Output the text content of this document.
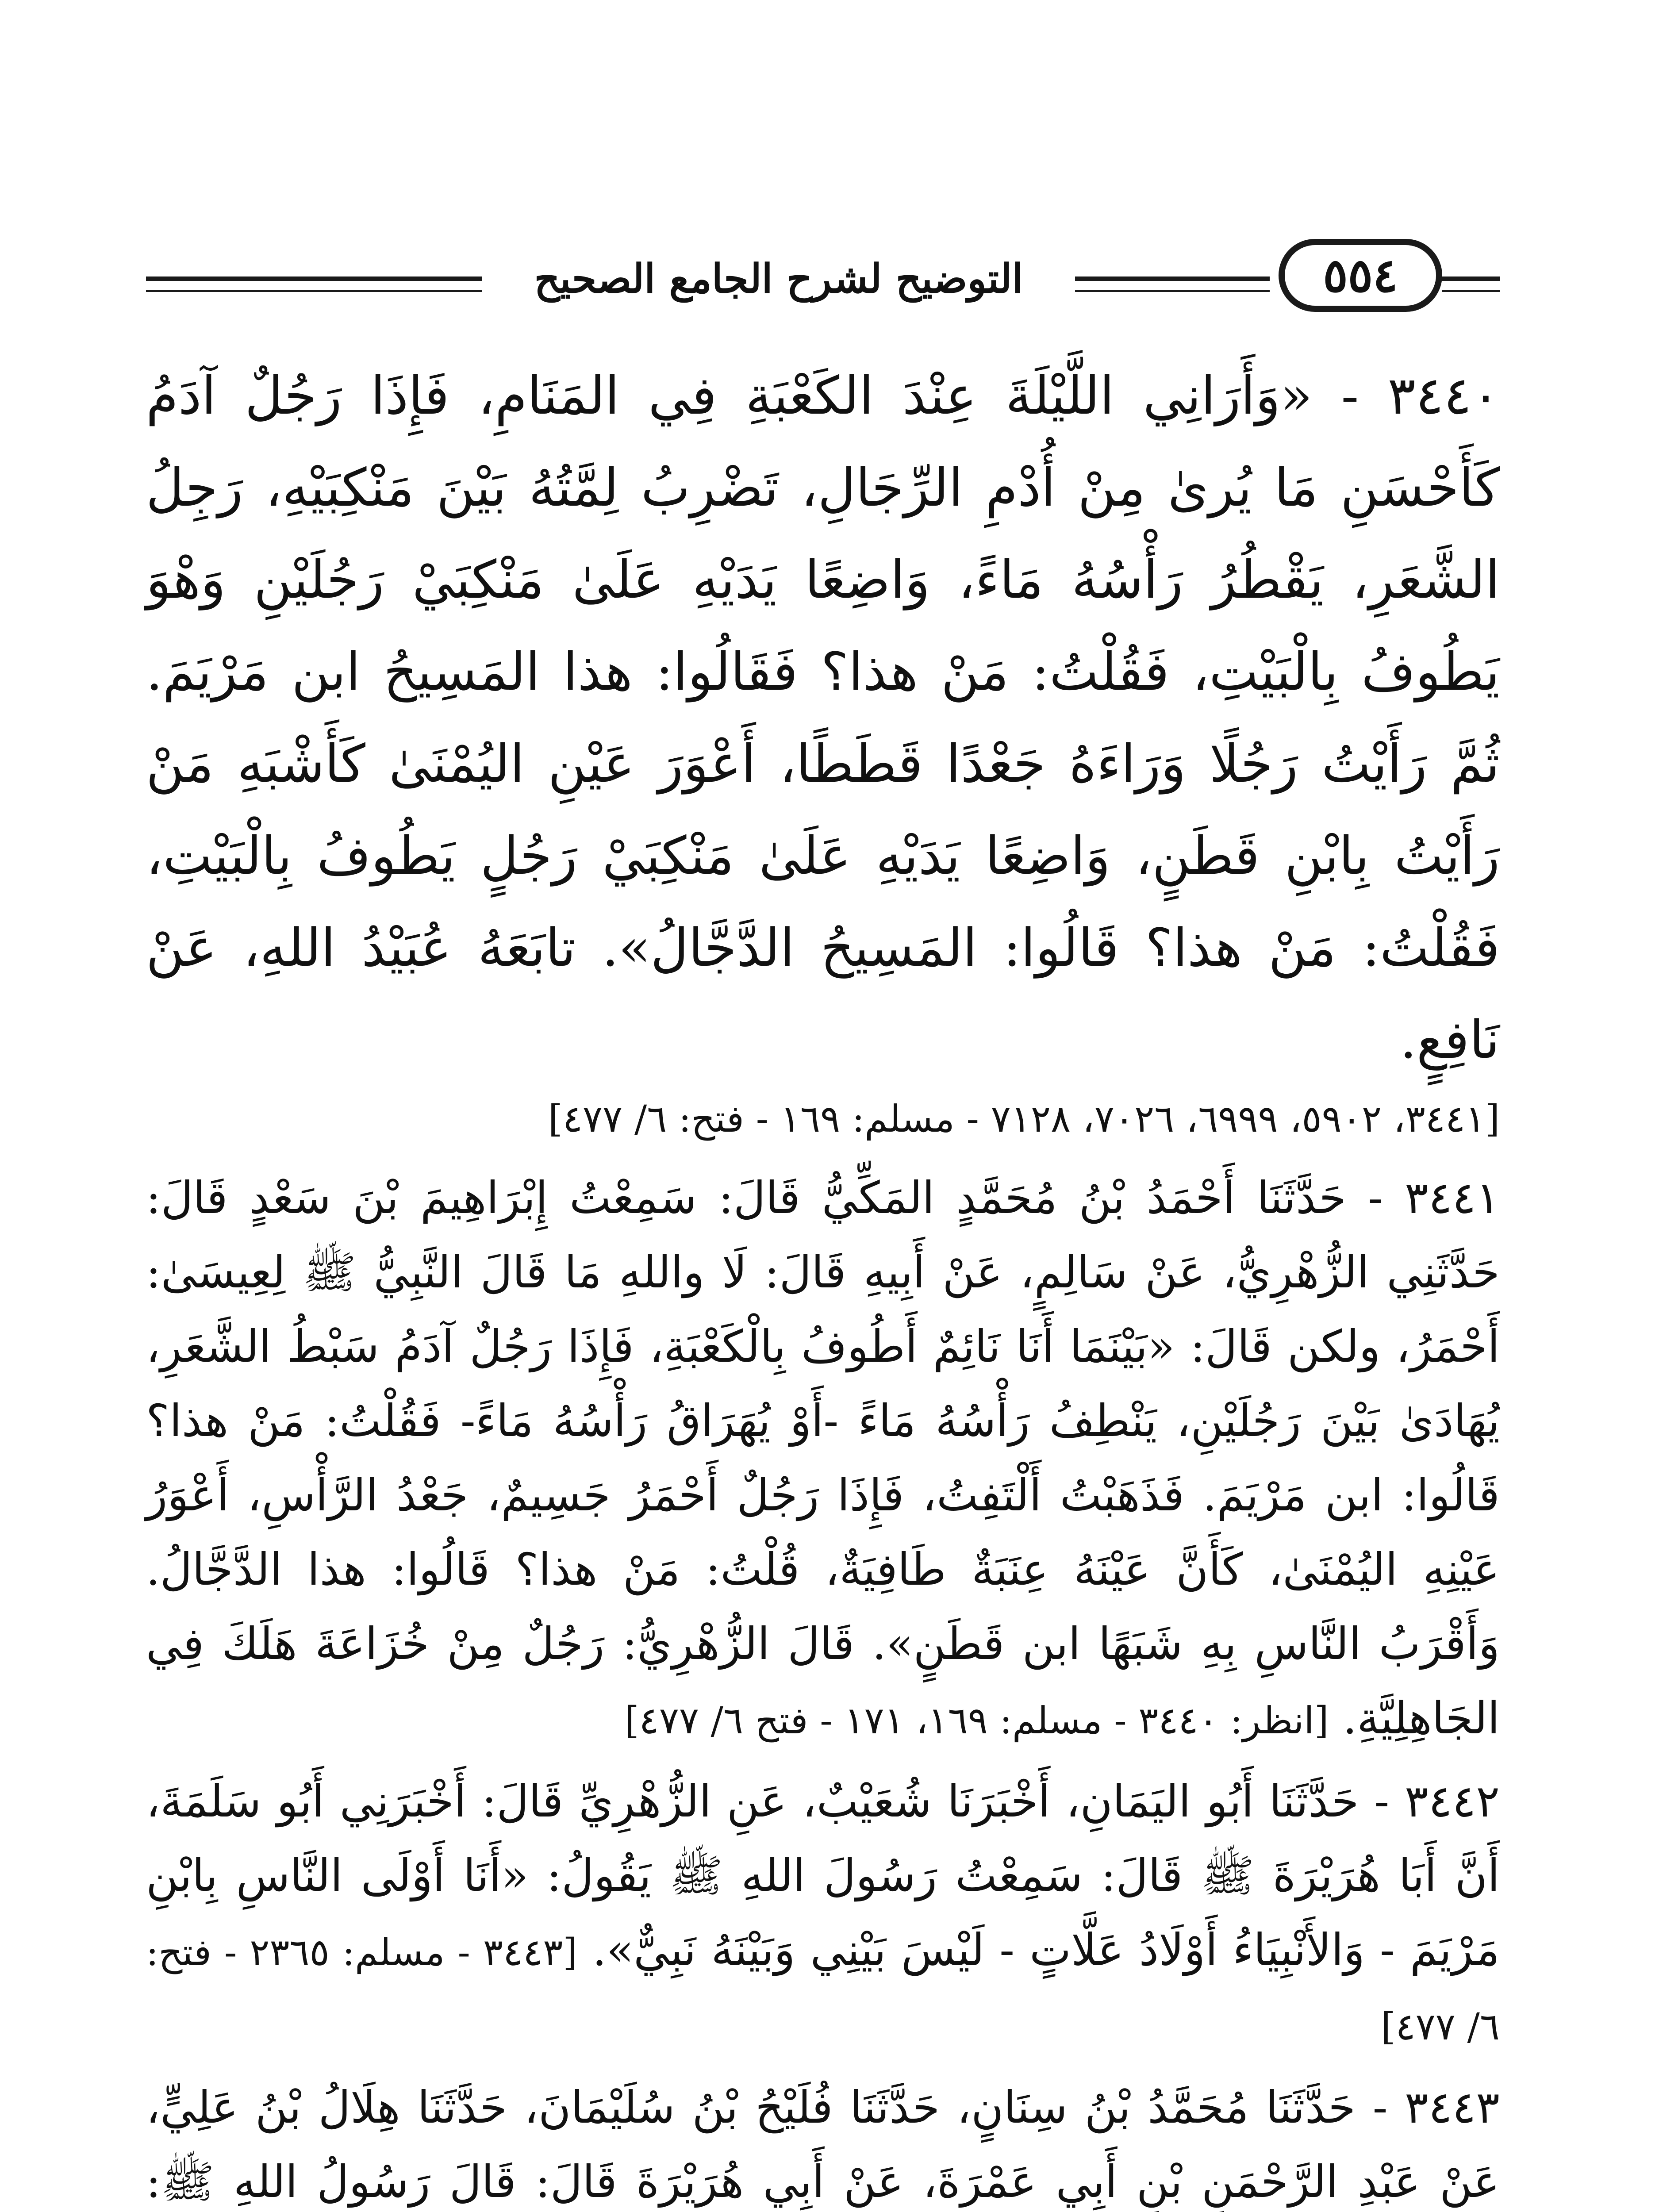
التوضيح لشرح الجامع الصحيح	٥٥٤

٣٤٤٠ - «وَأَرَانِي اللَّيْلَةَ عِنْدَ الكَعْبَةِ فِي المَنَامِ، فَإِذَا رَجُلٌ آدَمُ كَأَحْسَنِ مَا يُرىٰ مِنْ أُدْمِ الرِّجَالِ، تَضْرِبُ لِمَّتُهُ بَيْنَ مَنْكِبَيْهِ، رَجِلُ الشَّعَرِ، يَقْطُرُ رَأْسُهُ مَاءً، وَاضِعًا يَدَيْهِ عَلَىٰ مَنْكِبَيْ رَجُلَيْنِ وَهْوَ يَطُوفُ بِالْبَيْتِ، فَقُلْتُ: مَنْ هذا؟ فَقَالُوا: هذا المَسِيحُ ابن مَرْيَمَ. ثُمَّ رَأَيْتُ رَجُلًا وَرَاءَهُ جَعْدًا قَطَطًا، أَعْوَرَ عَيْنِ اليُمْنَىٰ كَأَشْبَهِ مَنْ رَأَيْتُ بِابْنِ قَطَنٍ، وَاضِعًا يَدَيْهِ عَلَىٰ مَنْكِبَيْ رَجُلٍ يَطُوفُ بِالْبَيْتِ، فَقُلْتُ: مَنْ هذا؟ قَالُوا: المَسِيحُ الدَّجَّالُ». تابَعَهُ عُبَيْدُ اللهِ، عَنْ نَافِعٍ.
[٣٤٤١، ٥٩٠٢، ٦٩٩٩، ٧٠٢٦، ٧١٢٨ - مسلم: ١٦٩ - فتح: ٦/ ٤٧٧]

٣٤٤١ - حَدَّثَنَا أَحْمَدُ بْنُ مُحَمَّدٍ المَكِّيُّ قَالَ: سَمِعْتُ إِبْرَاهِيمَ بْنَ سَعْدٍ قَالَ: حَدَّثَنِي الزُّهْرِيُّ، عَنْ سَالِمٍ، عَنْ أَبِيهِ قَالَ: لَا واللهِ مَا قَالَ النَّبِيُّ ﷺ لِعِيسَىٰ: أَحْمَرُ، ولكن قَالَ: «بَيْنَمَا أَنَا نَائِمٌ أَطُوفُ بِالْكَعْبَةِ، فَإِذَا رَجُلٌ آدَمُ سَبْطُ الشَّعَرِ، يُهَادَىٰ بَيْنَ رَجُلَيْنِ، يَنْطِفُ رَأْسُهُ مَاءً -أَوْ يُهَرَاقُ رَأْسُهُ مَاءً- فَقُلْتُ: مَنْ هذا؟ قَالُوا: ابن مَرْيَمَ. فَذَهَبْتُ أَلْتَفِتُ، فَإِذَا رَجُلٌ أَحْمَرُ جَسِيمٌ، جَعْدُ الرَّأْسِ، أَعْوَرُ عَيْنِهِ اليُمْنَىٰ، كَأَنَّ عَيْنَهُ عِنَبَةٌ طَافِيَةٌ، قُلْتُ: مَنْ هذا؟ قَالُوا: هذا الدَّجَّالُ. وَأَقْرَبُ النَّاسِ بِهِ شَبَهًا ابن قَطَنٍ». قَالَ الزُّهْرِيُّ: رَجُلٌ مِنْ خُزَاعَةَ هَلَكَ فِي الجَاهِلِيَّةِ. [انظر: ٣٤٤٠ - مسلم: ١٦٩، ١٧١ - فتح ٦/ ٤٧٧]

٣٤٤٢ - حَدَّثَنَا أَبُو اليَمَانِ، أَخْبَرَنَا شُعَيْبٌ، عَنِ الزُّهْرِيِّ قَالَ: أَخْبَرَنِي أَبُو سَلَمَةَ، أَنَّ أَبَا هُرَيْرَةَ ﷺ قَالَ: سَمِعْتُ رَسُولَ اللهِ ﷺ يَقُولُ: «أَنَا أَوْلَى النَّاسِ بِابْنِ مَرْيَمَ - وَالأَنْبِيَاءُ أَوْلَادُ عَلَّاتٍ - لَيْسَ بَيْنِي وَبَيْنَهُ نَبِيٌّ». [٣٤٤٣ - مسلم: ٢٣٦٥ - فتح: ٦/ ٤٧٧]

٣٤٤٣ - حَدَّثَنَا مُحَمَّدُ بْنُ سِنَانٍ، حَدَّثَنَا فُلَيْحُ بْنُ سُلَيْمَانَ، حَدَّثَنَا هِلَالُ بْنُ عَلِيٍّ، عَنْ عَبْدِ الرَّحْمَنِ بْنِ أَبِي عَمْرَةَ، عَنْ أَبِي هُرَيْرَةَ قَالَ: قَالَ رَسُولُ اللهِ ﷺ:
